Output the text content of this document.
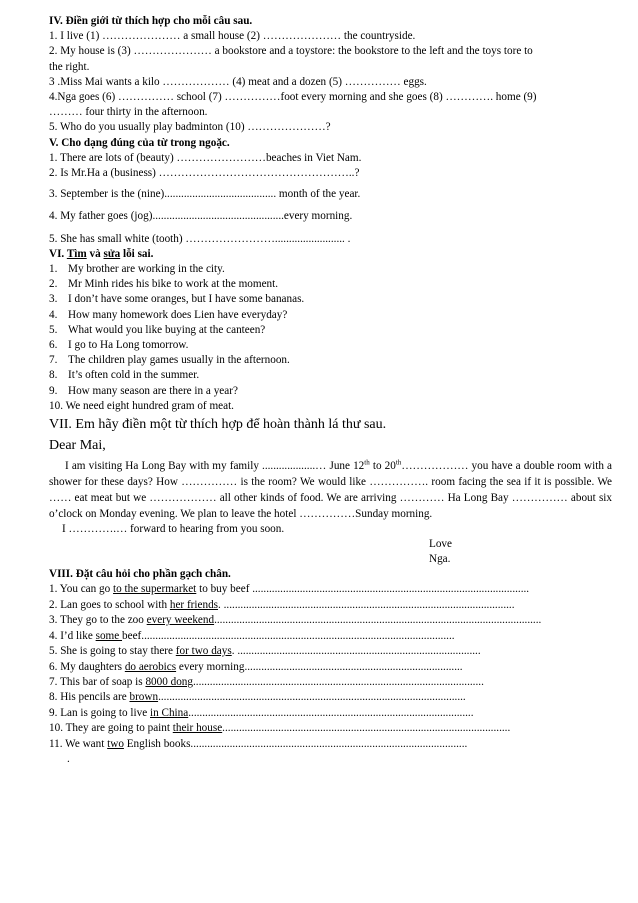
IV. Điền giới từ thích hợp cho mỗi câu sau.
1. I live (1) ………………… a small house (2) ………………… the countryside.
2. My house is (3) ………………… a bookstore and a toystore: the bookstore to the left and the toys tore to
the right.
3 .Miss Mai wants a kilo ……………… (4) meat and a dozen (5) …………… eggs.
4.Nga goes (6) …………… school (7) ……………foot every morning and she goes (8) …………. home (9)
……… four thirty in the afternoon.
5. Who do you usually play badminton (10) …………………?
V. Cho dạng đúng của từ trong ngoặc.
1. There are lots of (beauty) ……………………beaches in Viet Nam.
2. Is Mr.Ha a (business) ……………………………………………..?
3. September is the (nine)........................................ month of the year.
4. My father goes (jog)...............................................every morning.
5. She has small white (tooth) ……………………......................... .
VI. Tìm và sửa lỗi sai.
1. My brother are working in the city.
2. Mr Minh rides his bike to work at the moment.
3. I don’t have some oranges, but I have some bananas.
4. How many homework does Lien have everyday?
5. What would you like buying at the canteen?
6. I go to Ha Long tomorrow.
7. The children play games usually in the afternoon.
8. It’s often cold in the summer.
9. How many season are there in a year?
10. We need eight hundred gram of meat.
VII. Em hãy điền một từ thích hợp để hoàn thành lá thư sau.
Dear Mai,
I am visiting Ha Long Bay with my family ...................… June 12th to 20th……………… you have a double room with a shower for these days? How …………… is the room? We would like ……………. room facing the sea if it is possible. We …… eat meat but we ……………… all other kinds of food. We are arriving ………… Ha Long Bay …………… about six o’clock on Monday evening. We plan to leave the hotel ……………Sunday morning.
I ………….… forward to hearing from you soon.
Love
Nga.
VIII. Đặt câu hỏi cho phần gạch chân.
1. You can go to the supermarket to buy beef ...................................................................................................
2. Lan goes to school with her friends. ........................................................................................................
3. They go to the zoo every weekend.....................................................................................................................
4. I’d like some beef................................................................................................................
5. She is going to stay there for two days. .......................................................................................
6. My daughters do aerobics every morning..............................................................................
7. This bar of soap is 8000 dong........................................................................................................
8. His pencils are brown..............................................................................................................
9. Lan is going to live in China......................................................................................................
10. They are going to paint their house.......................................................................................................
11. We want two English books...................................................................................................
.
